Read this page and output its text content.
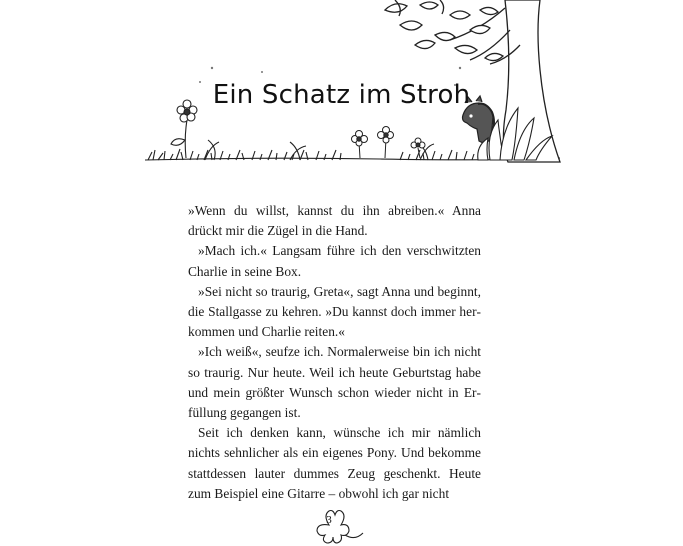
Ein Schatz im Stroh

»Wenn du willst, kannst du ihn abreiben.« Anna drückt mir die Zügel in die Hand.

»Mach ich.« Langsam führe ich den verschwitzten Charlie in seine Box.

»Sei nicht so traurig, Greta«, sagt Anna und beginnt, die Stallgasse zu kehren. »Du kannst doch immer herkommen und Charlie reiten.«

»Ich weiß«, seufze ich. Normalerweise bin ich nicht so traurig. Nur heute. Weil ich heute Geburtstag habe und mein größter Wunsch schon wieder nicht in Erfüllung gegangen ist.

Seit ich denken kann, wünsche ich mir nämlich nichts sehnlicher als ein eigenes Pony. Und bekomme stattdessen lauter dummes Zeug geschenkt. Heute zum Beispiel eine Gitarre – obwohl ich gar nicht

3
